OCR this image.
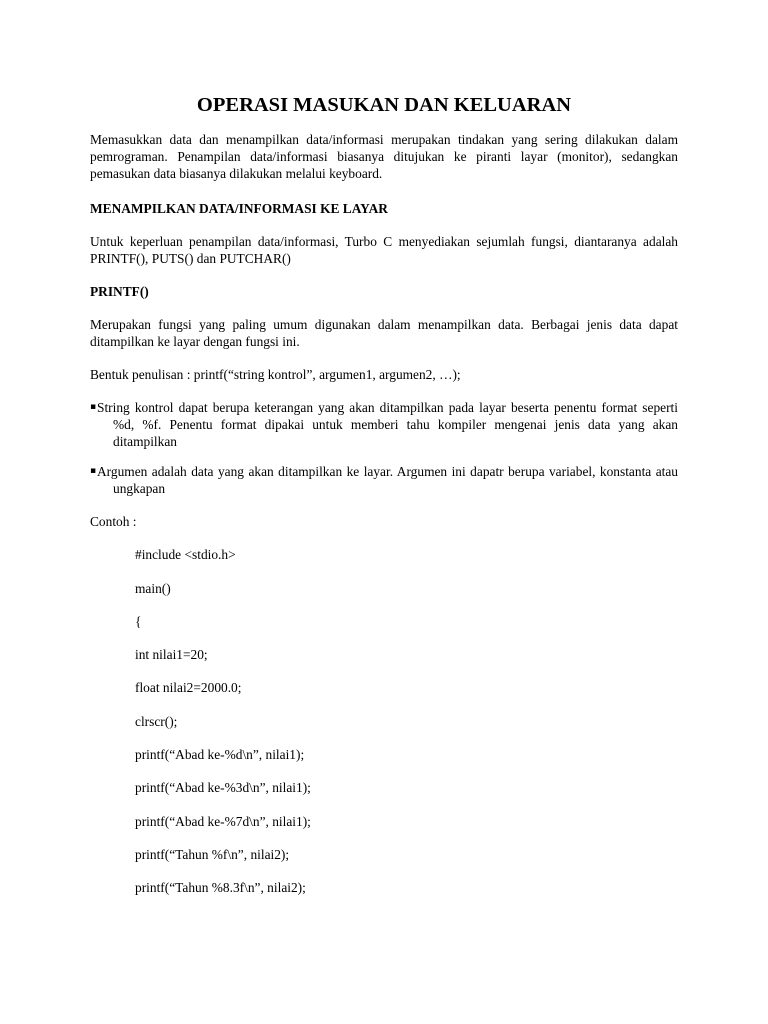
OPERASI MASUKAN DAN KELUARAN

Memasukkan data dan menampilkan data/informasi merupakan tindakan yang sering dilakukan dalam pemrograman. Penampilan data/informasi biasanya ditujukan ke piranti layar (monitor), sedangkan pemasukan data biasanya dilakukan melalui keyboard.

MENAMPILKAN DATA/INFORMASI KE LAYAR

Untuk keperluan penampilan data/informasi, Turbo C menyediakan sejumlah fungsi, diantaranya adalah PRINTF(), PUTS() dan PUTCHAR()

PRINTF()

Merupakan fungsi yang paling umum digunakan dalam menampilkan data. Berbagai jenis data dapat ditampilkan ke layar dengan fungsi ini.

Bentuk penulisan : printf(“string kontrol”, argumen1, argumen2, …);

▪ String kontrol dapat berupa keterangan yang akan ditampilkan pada layar beserta penentu format seperti %d, %f. Penentu format dipakai untuk memberi tahu kompiler mengenai jenis data yang akan ditampilkan
▪ Argumen adalah data yang akan ditampilkan ke layar. Argumen ini dapatr berupa variabel, konstanta atau ungkapan

Contoh :

#include <stdio.h>

main()

{

int nilai1=20;

float nilai2=2000.0;

clrscr();

printf(“Abad ke-%d\n”, nilai1);

printf(“Abad ke-%3d\n”, nilai1);

printf(“Abad ke-%7d\n”, nilai1);

printf(“Tahun %f\n”, nilai2);

printf(“Tahun %8.3f\n”, nilai2);
